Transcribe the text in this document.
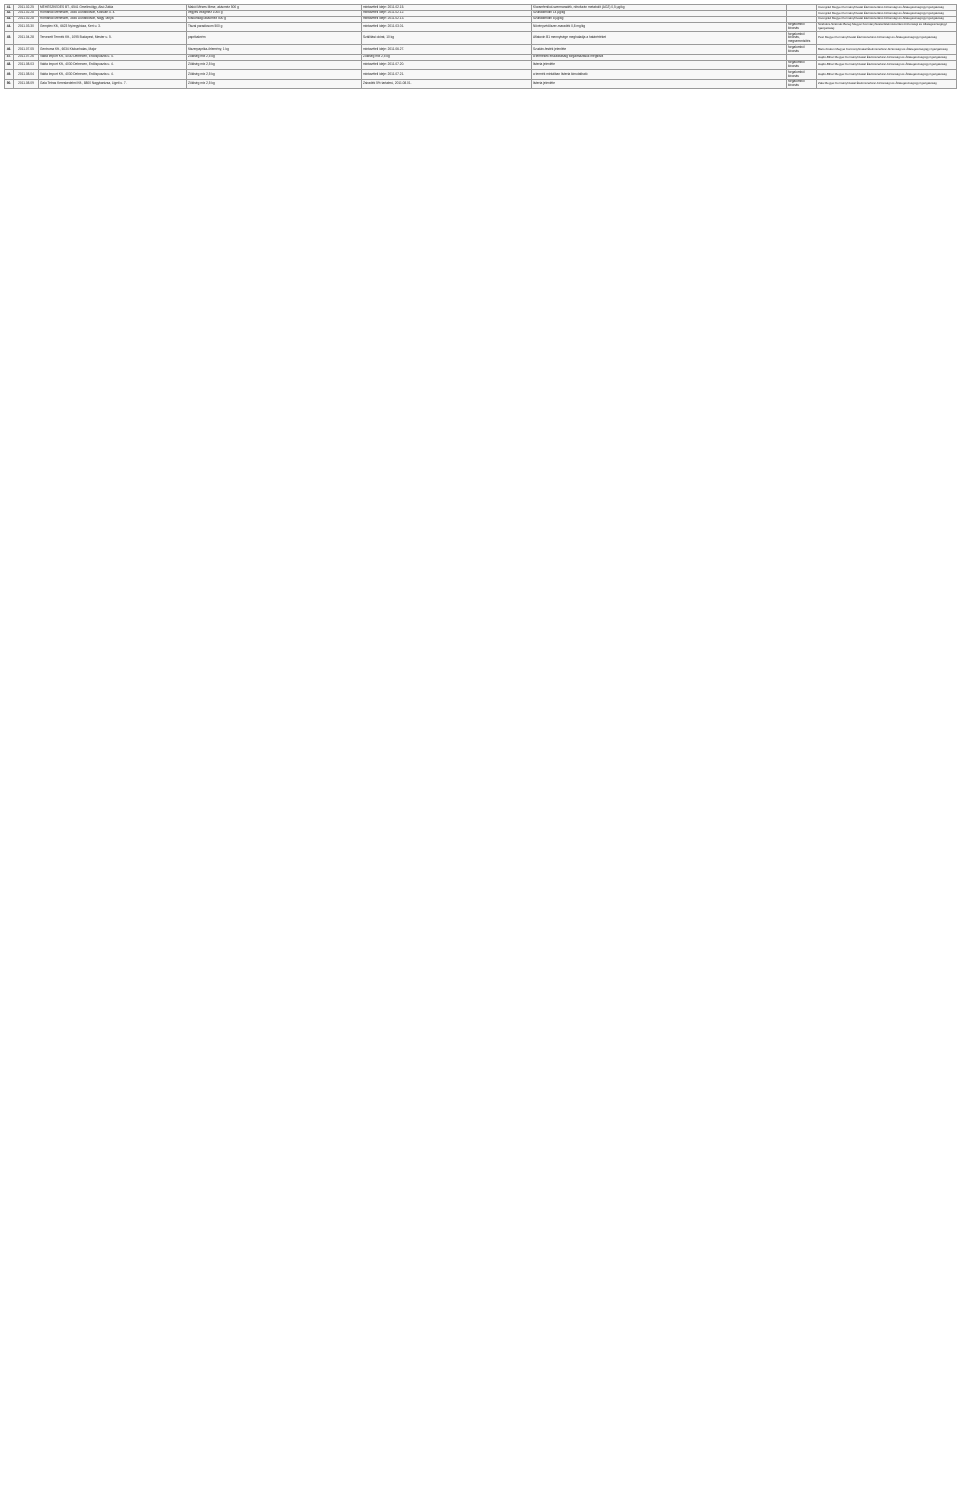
41.	2011.02.25	MÉHÉSZKEDÉS BT., 6541 Gmelinvölgy, Alsó Zákla	Makói Mézes Mese, akácméz 500 g	mintavételi ideje: 2011.02.15.	Kloramfenikol-szermaradék, nitrofurán metabolit (AOZ) 0,5 µg/kg		Csongrád Megyei Kormányhivatal Élelmiszerlánc-biztonsági és Állategészségügyi Igazgatóság
42.	2011.02.28	Romániai Méhészet, 3546 Dunaföldvár, Kossuth u. 4.	vegyes virágméz 1000 g	mintavételi ideje: 2011.02.12.	Szulfadimidin 14 µg/kg		Csongrád Megyei Kormányhivatal Élelmiszerlánc-biztonsági és Állategészségügyi Igazgatóság
43.	2011.02.28	Romániai Méhészet, 3546 Dunaföldvár, Nagy Tanya	Kiskunsági akácméz 500 g	mintavételi ideje: 2011.02.13.	Szulfadimidin 8 µg/kg		Csongrád Megyei Kormányhivatal Élelmiszerlánc-biztonsági és Állategészségügyi Igazgatóság
44.	2011.03.30	Gemplex Kft., 6623 Nyíregyháza, Kert u. 3.	Tiszai paradicsom 500 g	mintavételi ideje: 2011.03.01.	Növényvédőszer-maradék 0,8 mg/kg	forgalomból kivonás	Szabolcs-Szatmár-Bereg Megyei Kormányhivatal Élelmiszerlánc-biztonsági és Állategészségügyi Igazgatóság
45.	2011.04.28	Tervezett Termék Kft., 1095 Budapest, Mester u. 5.	paprikakrém	Szállítási okirat, 10 kg	Aflatoxin B1 mennyisége meghaladja a határértéket	forgalomból kivonás, megsemmisítés	Pest Megyei Kormányhivatal Élelmiszerlánc-biztonsági és Állategészségügyi Igazgatóság
46.	2011.07.05	Gentroma Kft., 6034 Kiskunhalas, Major	fűszerpaprika-őrlemény, 1 kg	mintavételi ideje: 2011.06.27.	Szudán-festék jelenléte	forgalomból kivonás	Bács-Kiskun Megyei Kormányhivatal Élelmiszerlánc-biztonsági és Állategészségügyi Igazgatóság
47.	2011.07.26	Vakta Import Kft., 4030 Debrecen, Erdőspuszta u. 4.	Zöldség mix 2,5 kg	Zöldség mix 2,5 kg	a termékek elszállításáig forgalmazásuk megtiltva		Hajdú-Bihar Megyei Kormányhivatal Élelmiszerlánc-biztonsági és Állategészségügyi Igazgatóság
48.	2011.08.03	Vakta Import Kft., 4030 Debrecen, Erdőspuszta u. 4.	Zöldség mix 2,5 kg	mintavételi ideje: 2011.07.20.	listeria jelenléte	forgalomból kivonás	Hajdú-Bihar Megyei Kormányhivatal Élelmiszerlánc-biztonsági és Állategészségügyi Igazgatóság
49.	2011.08.04	Vakta Import Kft., 4030 Debrecen, Erdőspuszta u. 4.	Zöldség mix 2,5 kg	mintavételi ideje: 2011.07.21.	a termék mintáiban listeria kimutatható	forgalomból kivonás	Hajdú-Bihar Megyei Kormányhivatal Élelmiszerlánc-biztonsági és Állategészségügyi Igazgatóság
50.	2011.08.09	Gala Tetras Kereskedelmi Kft., 8800 Nagykanizsa, Ligeti u. 7.	Zöldség mix 2,5 kg	Zsiradék 5% tartalmú, 2011.08.01.	listeria jelenléte	forgalomból kivonás	Zala Megyei Kormányhivatal Élelmiszerlánc-biztonsági és Állategészségügyi Igazgatóság
